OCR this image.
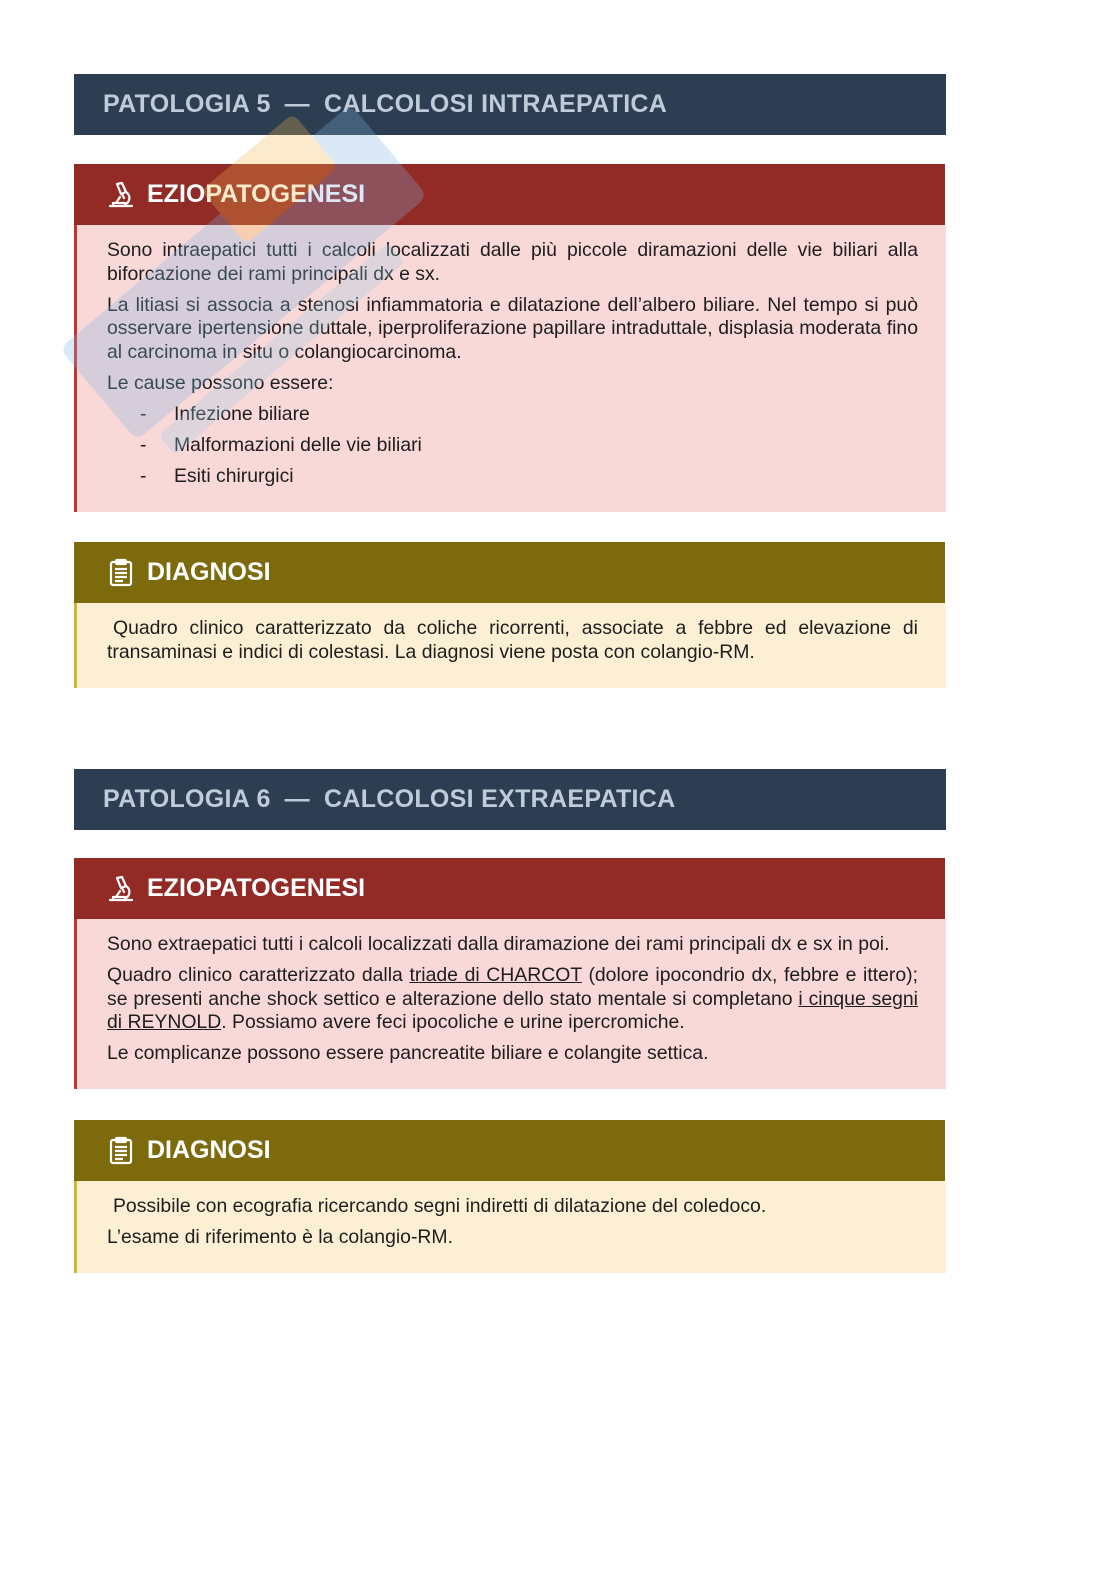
PATOLOGIA 5 — CALCOLOSI INTRAEPATICA
EZIOPATOGENESI

Sono intraepatici tutti i calcoli localizzati dalle più piccole diramazioni delle vie biliari alla biforcazione dei rami principali dx e sx.

La litiasi si associa a stenosi infiammatoria e dilatazione dell’albero biliare. Nel tempo si può osservare ipertensione duttale, iperproliferazione papillare intraduttale, displasia moderata fino al carcinoma in situ o colangiocarcinoma.

Le cause possono essere:

- Infezione biliare
- Malformazioni delle vie biliari
- Esiti chirurgici
DIAGNOSI

Quadro clinico caratterizzato da coliche ricorrenti, associate a febbre ed elevazione di transaminasi e indici di colestasi. La diagnosi viene posta con colangio-RM.

PATOLOGIA 6 — CALCOLOSI EXTRAEPATICA
EZIOPATOGENESI

Sono extraepatici tutti i calcoli localizzati dalla diramazione dei rami principali dx e sx in poi.

Quadro clinico caratterizzato dalla triade di CHARCOT (dolore ipocondrio dx, febbre e ittero); se presenti anche shock settico e alterazione dello stato mentale si completano i cinque segni di REYNOLD. Possiamo avere feci ipocoliche e urine ipercromiche.

Le complicanze possono essere pancreatite biliare e colangite settica.

DIAGNOSI

Possibile con ecografia ricercando segni indiretti di dilatazione del coledoco.

L’esame di riferimento è la colangio-RM.
